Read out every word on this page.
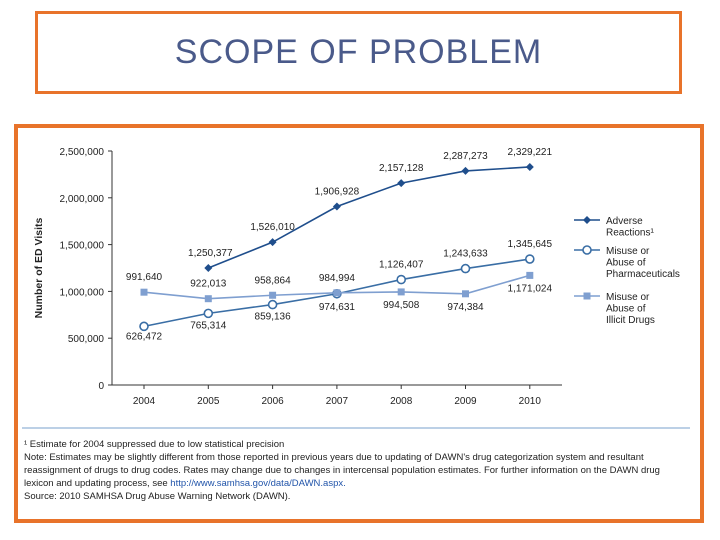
SCOPE OF PROBLEM
2,500,000
2,000,000
1,500,000
1,000,000
500,000
0
2004	2005	2006	2007	2008	2009	2010
Number of ED Visits	1,250,377
1,526,010
1,906,928
2,157,128
2,287,273 2,329,221
626,472
765,314
859,136
974,631
1,126,407
1,243,633
1,345,645
991,640
922,013	958,864	984,994
994,508	974,384
1,171,024
Adverse
Reactions¹
Misuse or
Abuse of
Pharmaceuticals
Misuse or
Abuse of
Illicit Drugs
¹ Estimate for 2004 suppressed due to low statistical precision
Note: Estimates may be slightly different from those reported in previous years due to updating of DAWN's drug categorization system and resultant
reassignment of drugs to drug codes. Rates may change due to changes in intercensal population estimates. For further information on the DAWN drug
lexicon and updating process, see http://www.samhsa.gov/data/DAWN.aspx.
Source: 2010 SAMHSA Drug Abuse Warning Network (DAWN).
